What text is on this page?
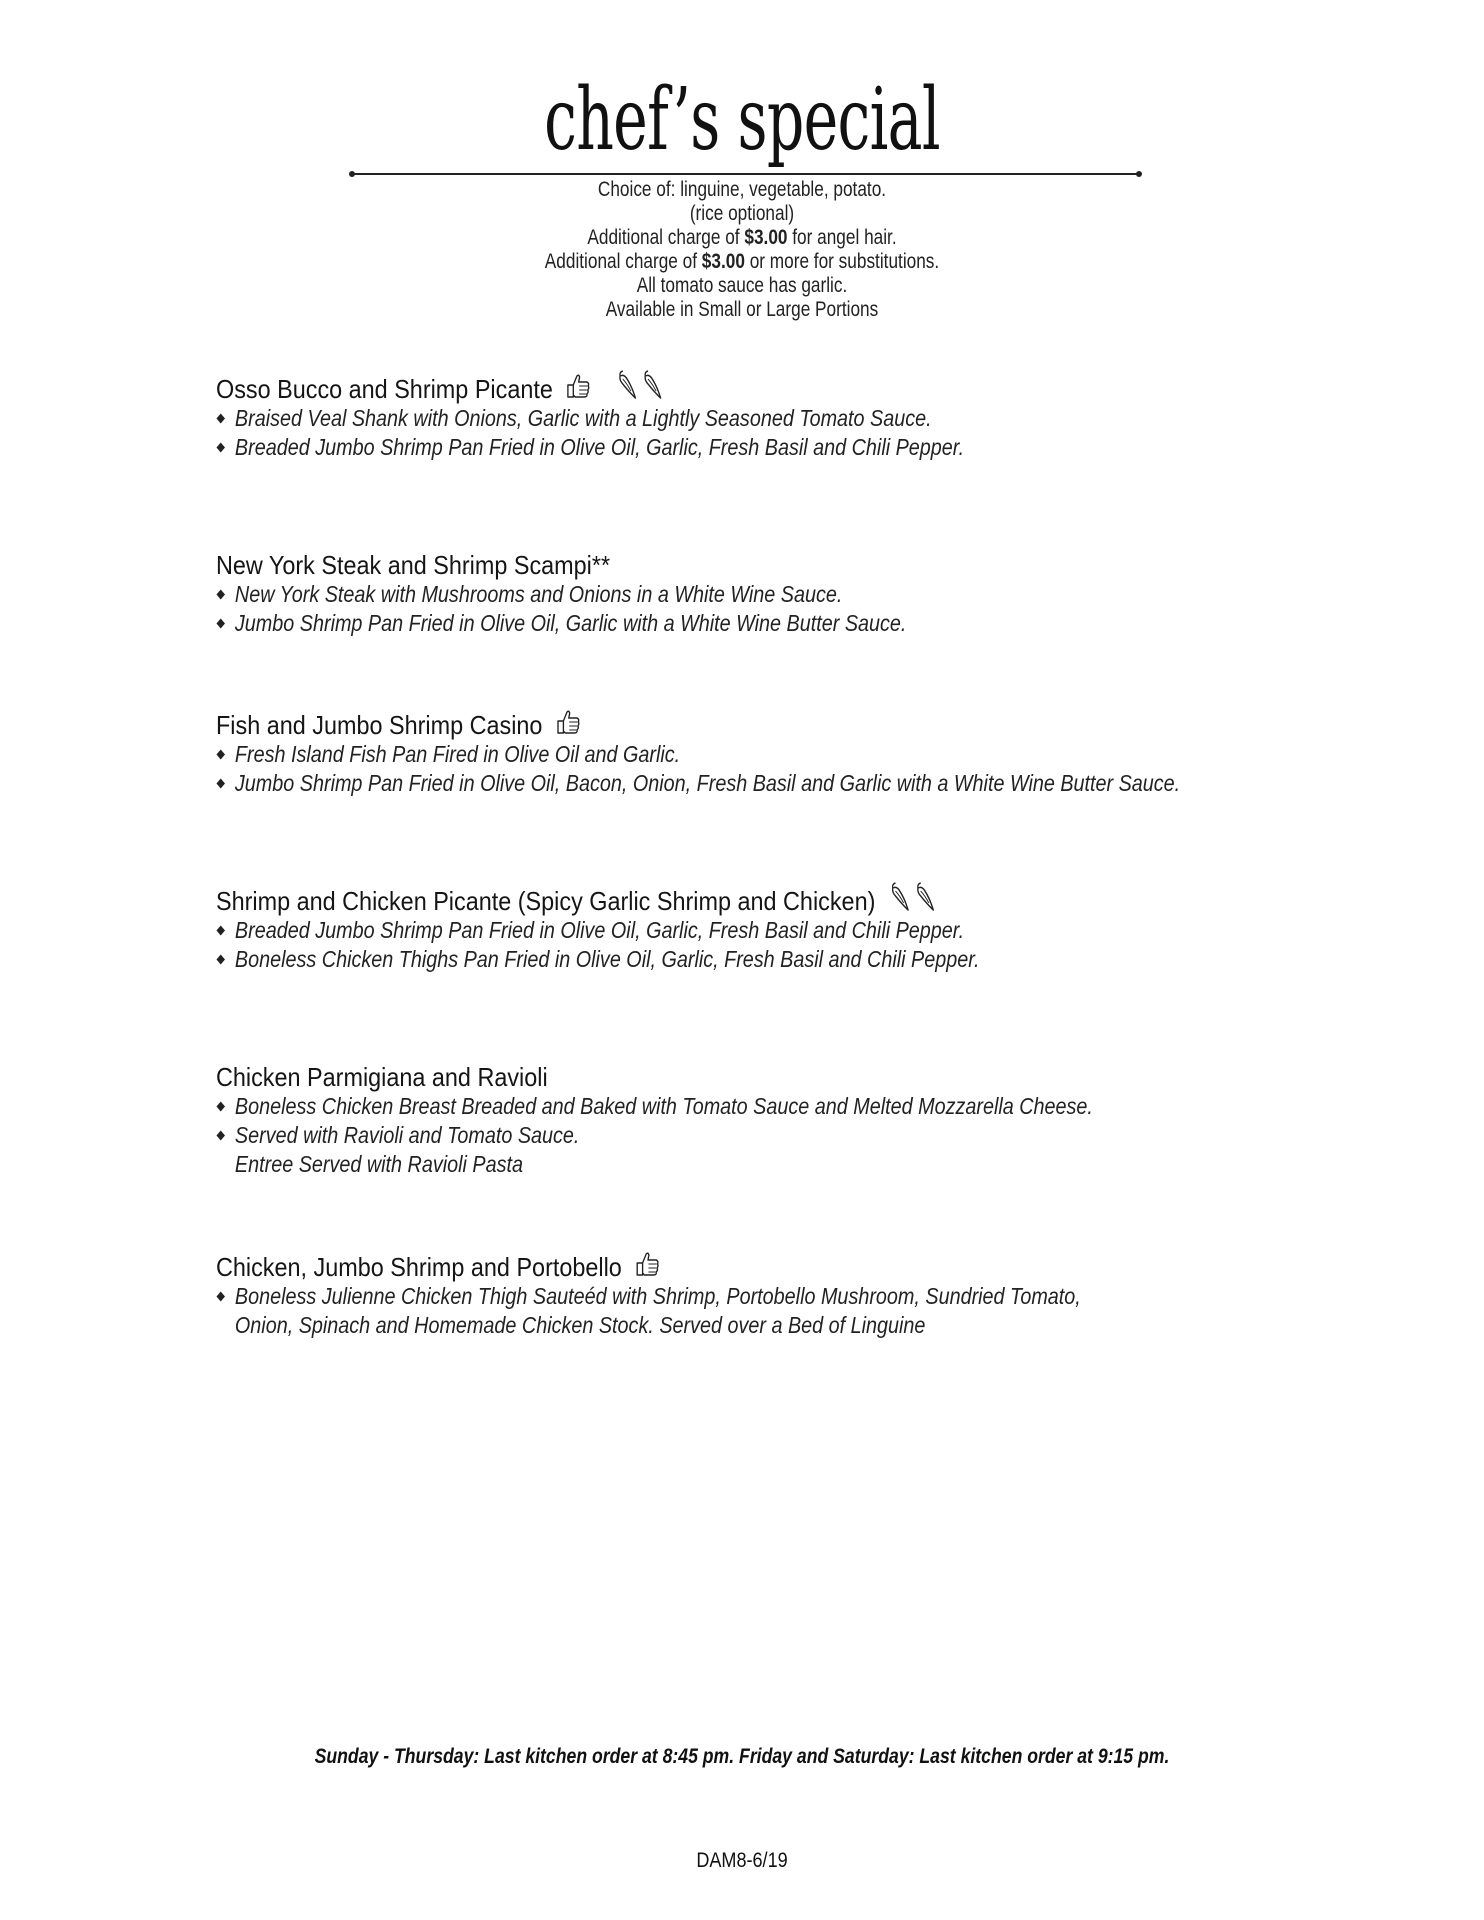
chef’s special
Choice of: linguine, vegetable, potato.
(rice optional)
Additional charge of $3.00 for angel hair.
Additional charge of $3.00 or more for substitutions.
All tomato sauce has garlic.
Available in Small or Large Portions
Osso Bucco and Shrimp Picante
Braised Veal Shank with Onions, Garlic with a Lightly Seasoned Tomato Sauce.
Breaded Jumbo Shrimp Pan Fried in Olive Oil, Garlic, Fresh Basil and Chili Pepper.
New York Steak and Shrimp Scampi**
New York Steak with Mushrooms and Onions in a White Wine Sauce.
Jumbo Shrimp Pan Fried in Olive Oil, Garlic with a White Wine Butter Sauce.
Fish and Jumbo Shrimp Casino
Fresh Island Fish Pan Fired in Olive Oil and Garlic.
Jumbo Shrimp Pan Fried in Olive Oil, Bacon, Onion, Fresh Basil and Garlic with a White Wine Butter Sauce.
Shrimp and Chicken Picante (Spicy Garlic Shrimp and Chicken)
Breaded Jumbo Shrimp Pan Fried in Olive Oil, Garlic, Fresh Basil and Chili Pepper.
Boneless Chicken Thighs Pan Fried in Olive Oil, Garlic, Fresh Basil and Chili Pepper.
Chicken Parmigiana and Ravioli
Boneless Chicken Breast Breaded and Baked with Tomato Sauce and Melted Mozzarella Cheese.
Served with Ravioli and Tomato Sauce.
Entree Served with Ravioli Pasta
Chicken, Jumbo Shrimp and Portobello
Boneless Julienne Chicken Thigh Sauteéd with Shrimp, Portobello Mushroom, Sundried Tomato,
Onion, Spinach and Homemade Chicken Stock. Served over a Bed of Linguine
Sunday - Thursday: Last kitchen order at 8:45 pm. Friday and Saturday: Last kitchen order at 9:15 pm.
DAM8-6/19
